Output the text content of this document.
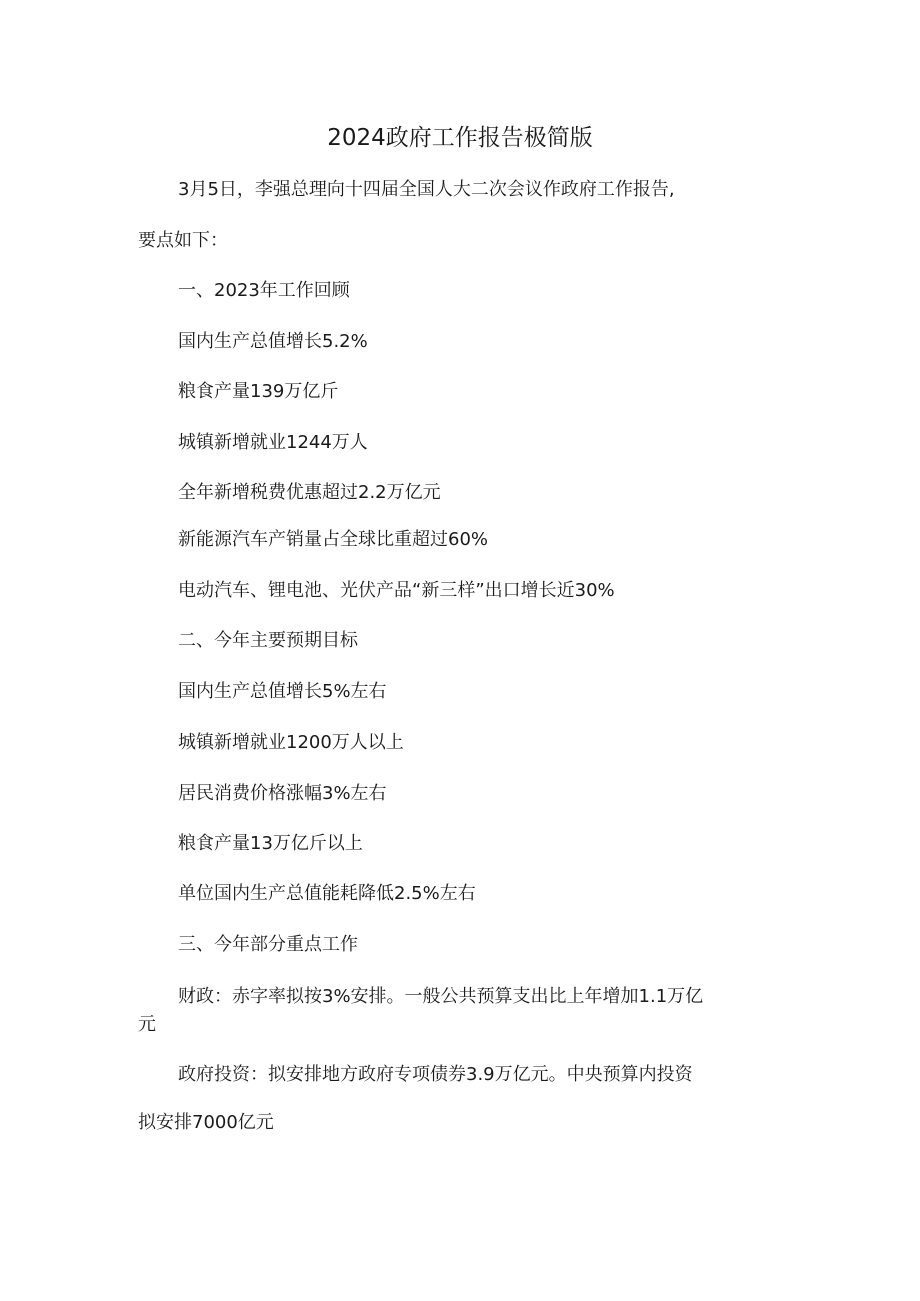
2024政府工作报告极简版
3月5日，李强总理向十四届全国人大二次会议作政府工作报告,
要点如下：
一、2023年工作回顾
国内生产总值增长5.2%
粮食产量139万亿斤
城镇新增就业1244万人
全年新增税费优惠超过2.2万亿元
新能源汽车产销量占全球比重超过60%
电动汽车、锂电池、光伏产品“新三样”出口增长近30%
二、今年主要预期目标
国内生产总值增长5%左右
城镇新增就业1200万人以上
居民消费价格涨幅3%左右
粮食产量13万亿斤以上
单位国内生产总值能耗降低2.5%左右
三、今年部分重点工作
财政：赤字率拟按3%安排。一般公共预算支出比上年增加1.1万亿
元
政府投资：拟安排地方政府专项债券3.9万亿元。中央预算内投资
拟安排7000亿元
